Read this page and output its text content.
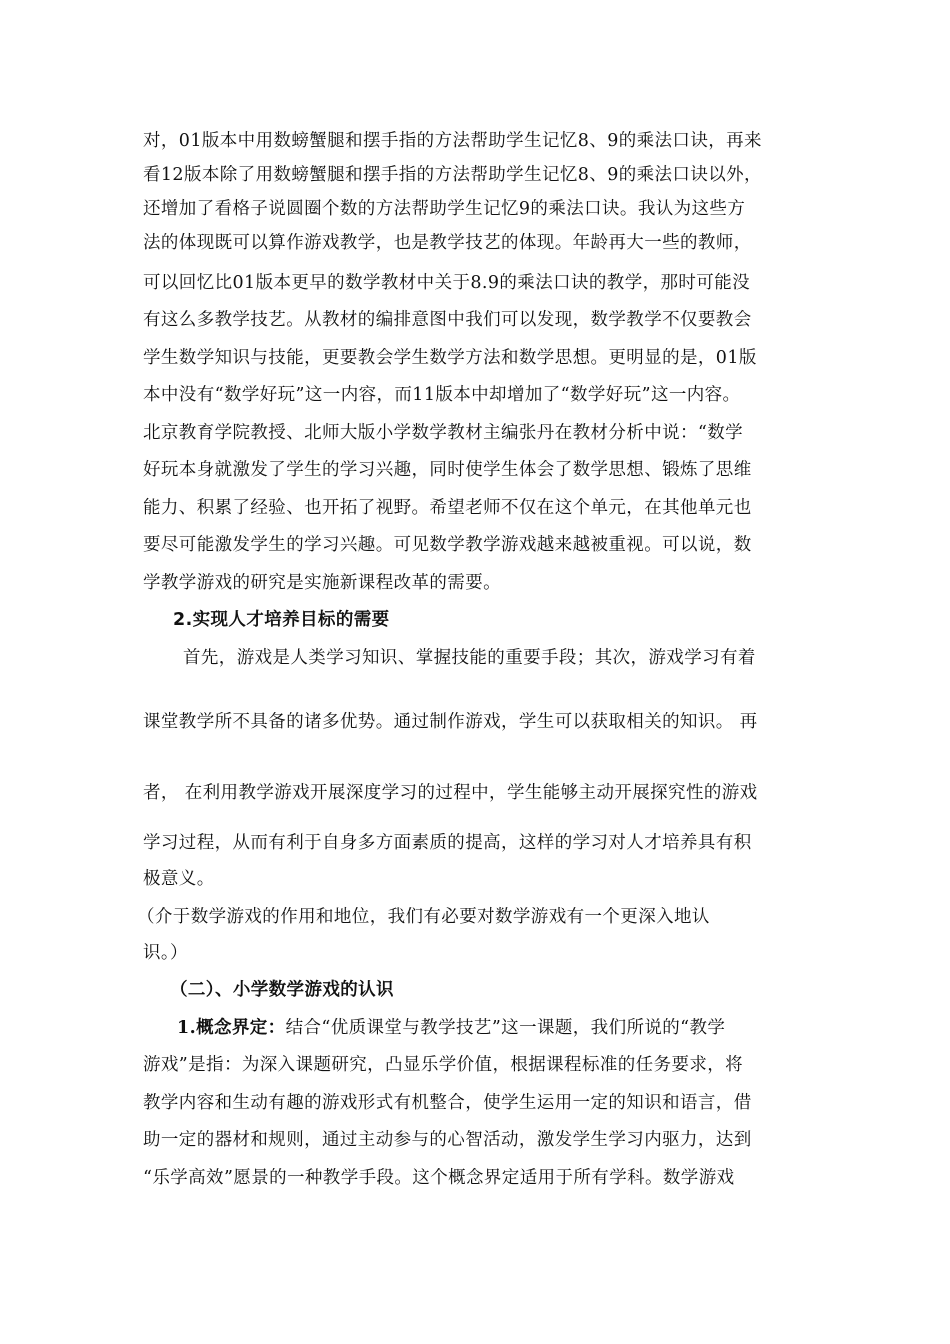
对，01版本中用数螃蟹腿和摆手指的方法帮助学生记忆8、9的乘法口诀，再来
看12版本除了用数螃蟹腿和摆手指的方法帮助学生记忆8、9的乘法口诀以外，
还增加了看格子说圆圈个数的方法帮助学生记忆9的乘法口诀。我认为这些方
法的体现既可以算作游戏教学，也是教学技艺的体现。年龄再大一些的教师，
可以回忆比01版本更早的数学教材中关于8.9的乘法口诀的教学，那时可能没
有这么多教学技艺。从教材的编排意图中我们可以发现，数学教学不仅要教会
学生数学知识与技能，更要教会学生数学方法和数学思想。更明显的是，01版
本中没有“数学好玩”这一内容，而11版本中却增加了“数学好玩”这一内容。
北京教育学院教授、北师大版小学数学教材主编张丹在教材分析中说：“数学
好玩本身就激发了学生的学习兴趣，同时使学生体会了数学思想、锻炼了思维
能力、积累了经验、也开拓了视野。希望老师不仅在这个单元，在其他单元也
要尽可能激发学生的学习兴趣。可见数学教学游戏越来越被重视。可以说，数
学教学游戏的研究是实施新课程改革的需要。
2.实现人才培养目标的需要
首先，游戏是人类学习知识、掌握技能的重要手段；其次，游戏学习有着
课堂教学所不具备的诸多优势。通过制作游戏，学生可以获取相关的知识。 再
者， 在利用教学游戏开展深度学习的过程中，学生能够主动开展探究性的游戏
学习过程，从而有利于自身多方面素质的提高，这样的学习对人才培养具有积
极意义。
（介于数学游戏的作用和地位，我们有必要对数学游戏有一个更深入地认
识。）
（二）、小学数学游戏的认识
1.概念界定：结合“优质课堂与教学技艺”这一课题，我们所说的“教学
游戏”是指：为深入课题研究，凸显乐学价值，根据课程标准的任务要求，将
教学内容和生动有趣的游戏形式有机整合，使学生运用一定的知识和语言，借
助一定的器材和规则，通过主动参与的心智活动，激发学生学习内驱力，达到
“乐学高效”愿景的一种教学手段。这个概念界定适用于所有学科。数学游戏
